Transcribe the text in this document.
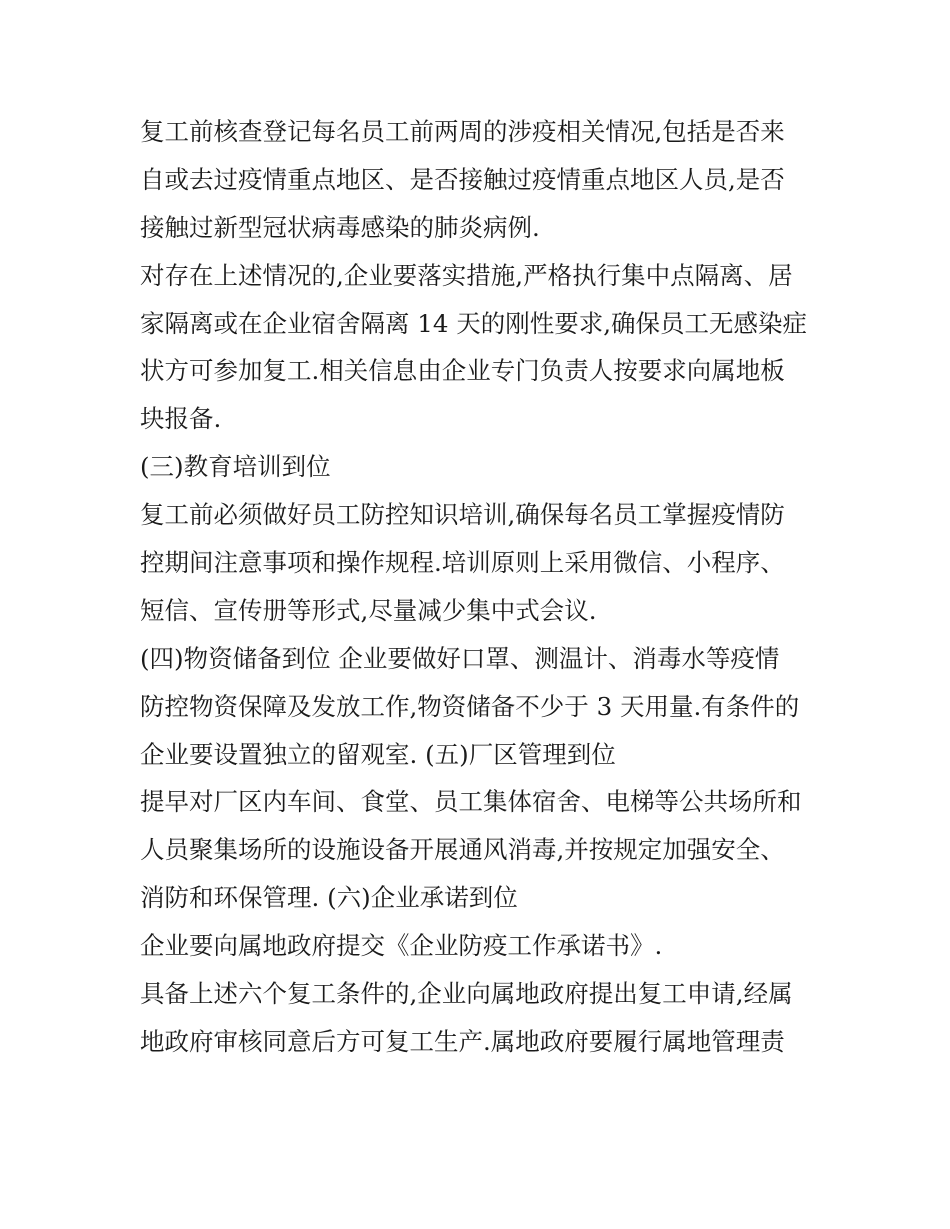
复工前核查登记每名员工前两周的涉疫相关情况,包括是否来
自或去过疫情重点地区、是否接触过疫情重点地区人员,是否
接触过新型冠状病毒感染的肺炎病例.
对存在上述情况的,企业要落实措施,严格执行集中点隔离、居
家隔离或在企业宿舍隔离 14 天的刚性要求,确保员工无感染症
状方可参加复工.相关信息由企业专门负责人按要求向属地板
块报备.
(三)教育培训到位
复工前必须做好员工防控知识培训,确保每名员工掌握疫情防
控期间注意事项和操作规程.培训原则上采用微信、小程序、
短信、宣传册等形式,尽量减少集中式会议.
(四)物资储备到位 企业要做好口罩、测温计、消毒水等疫情
防控物资保障及发放工作,物资储备不少于 3 天用量.有条件的
企业要设置独立的留观室. (五)厂区管理到位
提早对厂区内车间、食堂、员工集体宿舍、电梯等公共场所和
人员聚集场所的设施设备开展通风消毒,并按规定加强安全、
消防和环保管理. (六)企业承诺到位
企业要向属地政府提交《企业防疫工作承诺书》.
具备上述六个复工条件的,企业向属地政府提出复工申请,经属
地政府审核同意后方可复工生产.属地政府要履行属地管理责
